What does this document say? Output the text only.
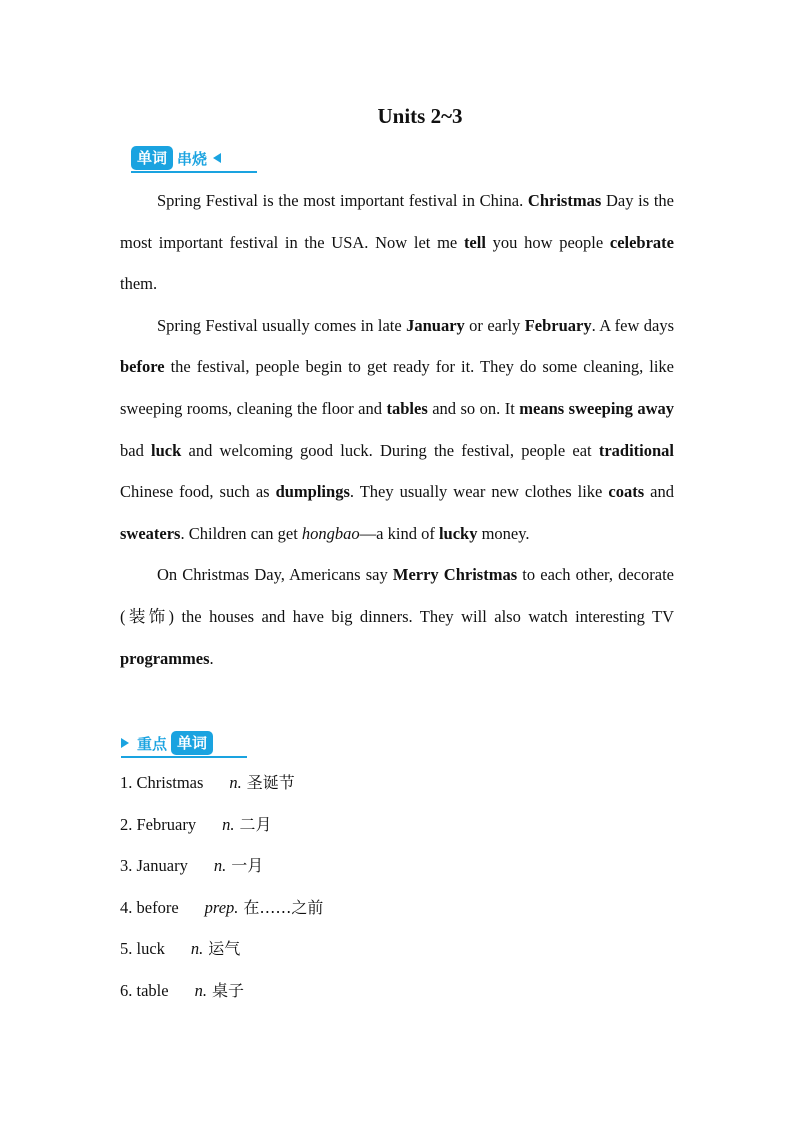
Units 2~3
单词 串烧

Spring Festival is the most important festival in China. Christmas Day is the most important festival in the USA. Now let me tell you how people celebrate them.

Spring Festival usually comes in late January or early February. A few days before the festival, people begin to get ready for it. They do some cleaning, like sweeping rooms, cleaning the floor and tables and so on. It means sweeping away bad luck and welcoming good luck. During the festival, people eat traditional Chinese food, such as dumplings. They usually wear new clothes like coats and sweaters. Children can get hongbao—a kind of lucky money.

On Christmas Day, Americans say Merry Christmas to each other, decorate (装饰) the houses and have big dinners. They will also watch interesting TV programmes.

重点 单词
1. Christmas n. 圣诞节
2. February n. 二月
3. January n. 一月
4. before prep. 在……之前
5. luck n. 运气
6. table n. 桌子
